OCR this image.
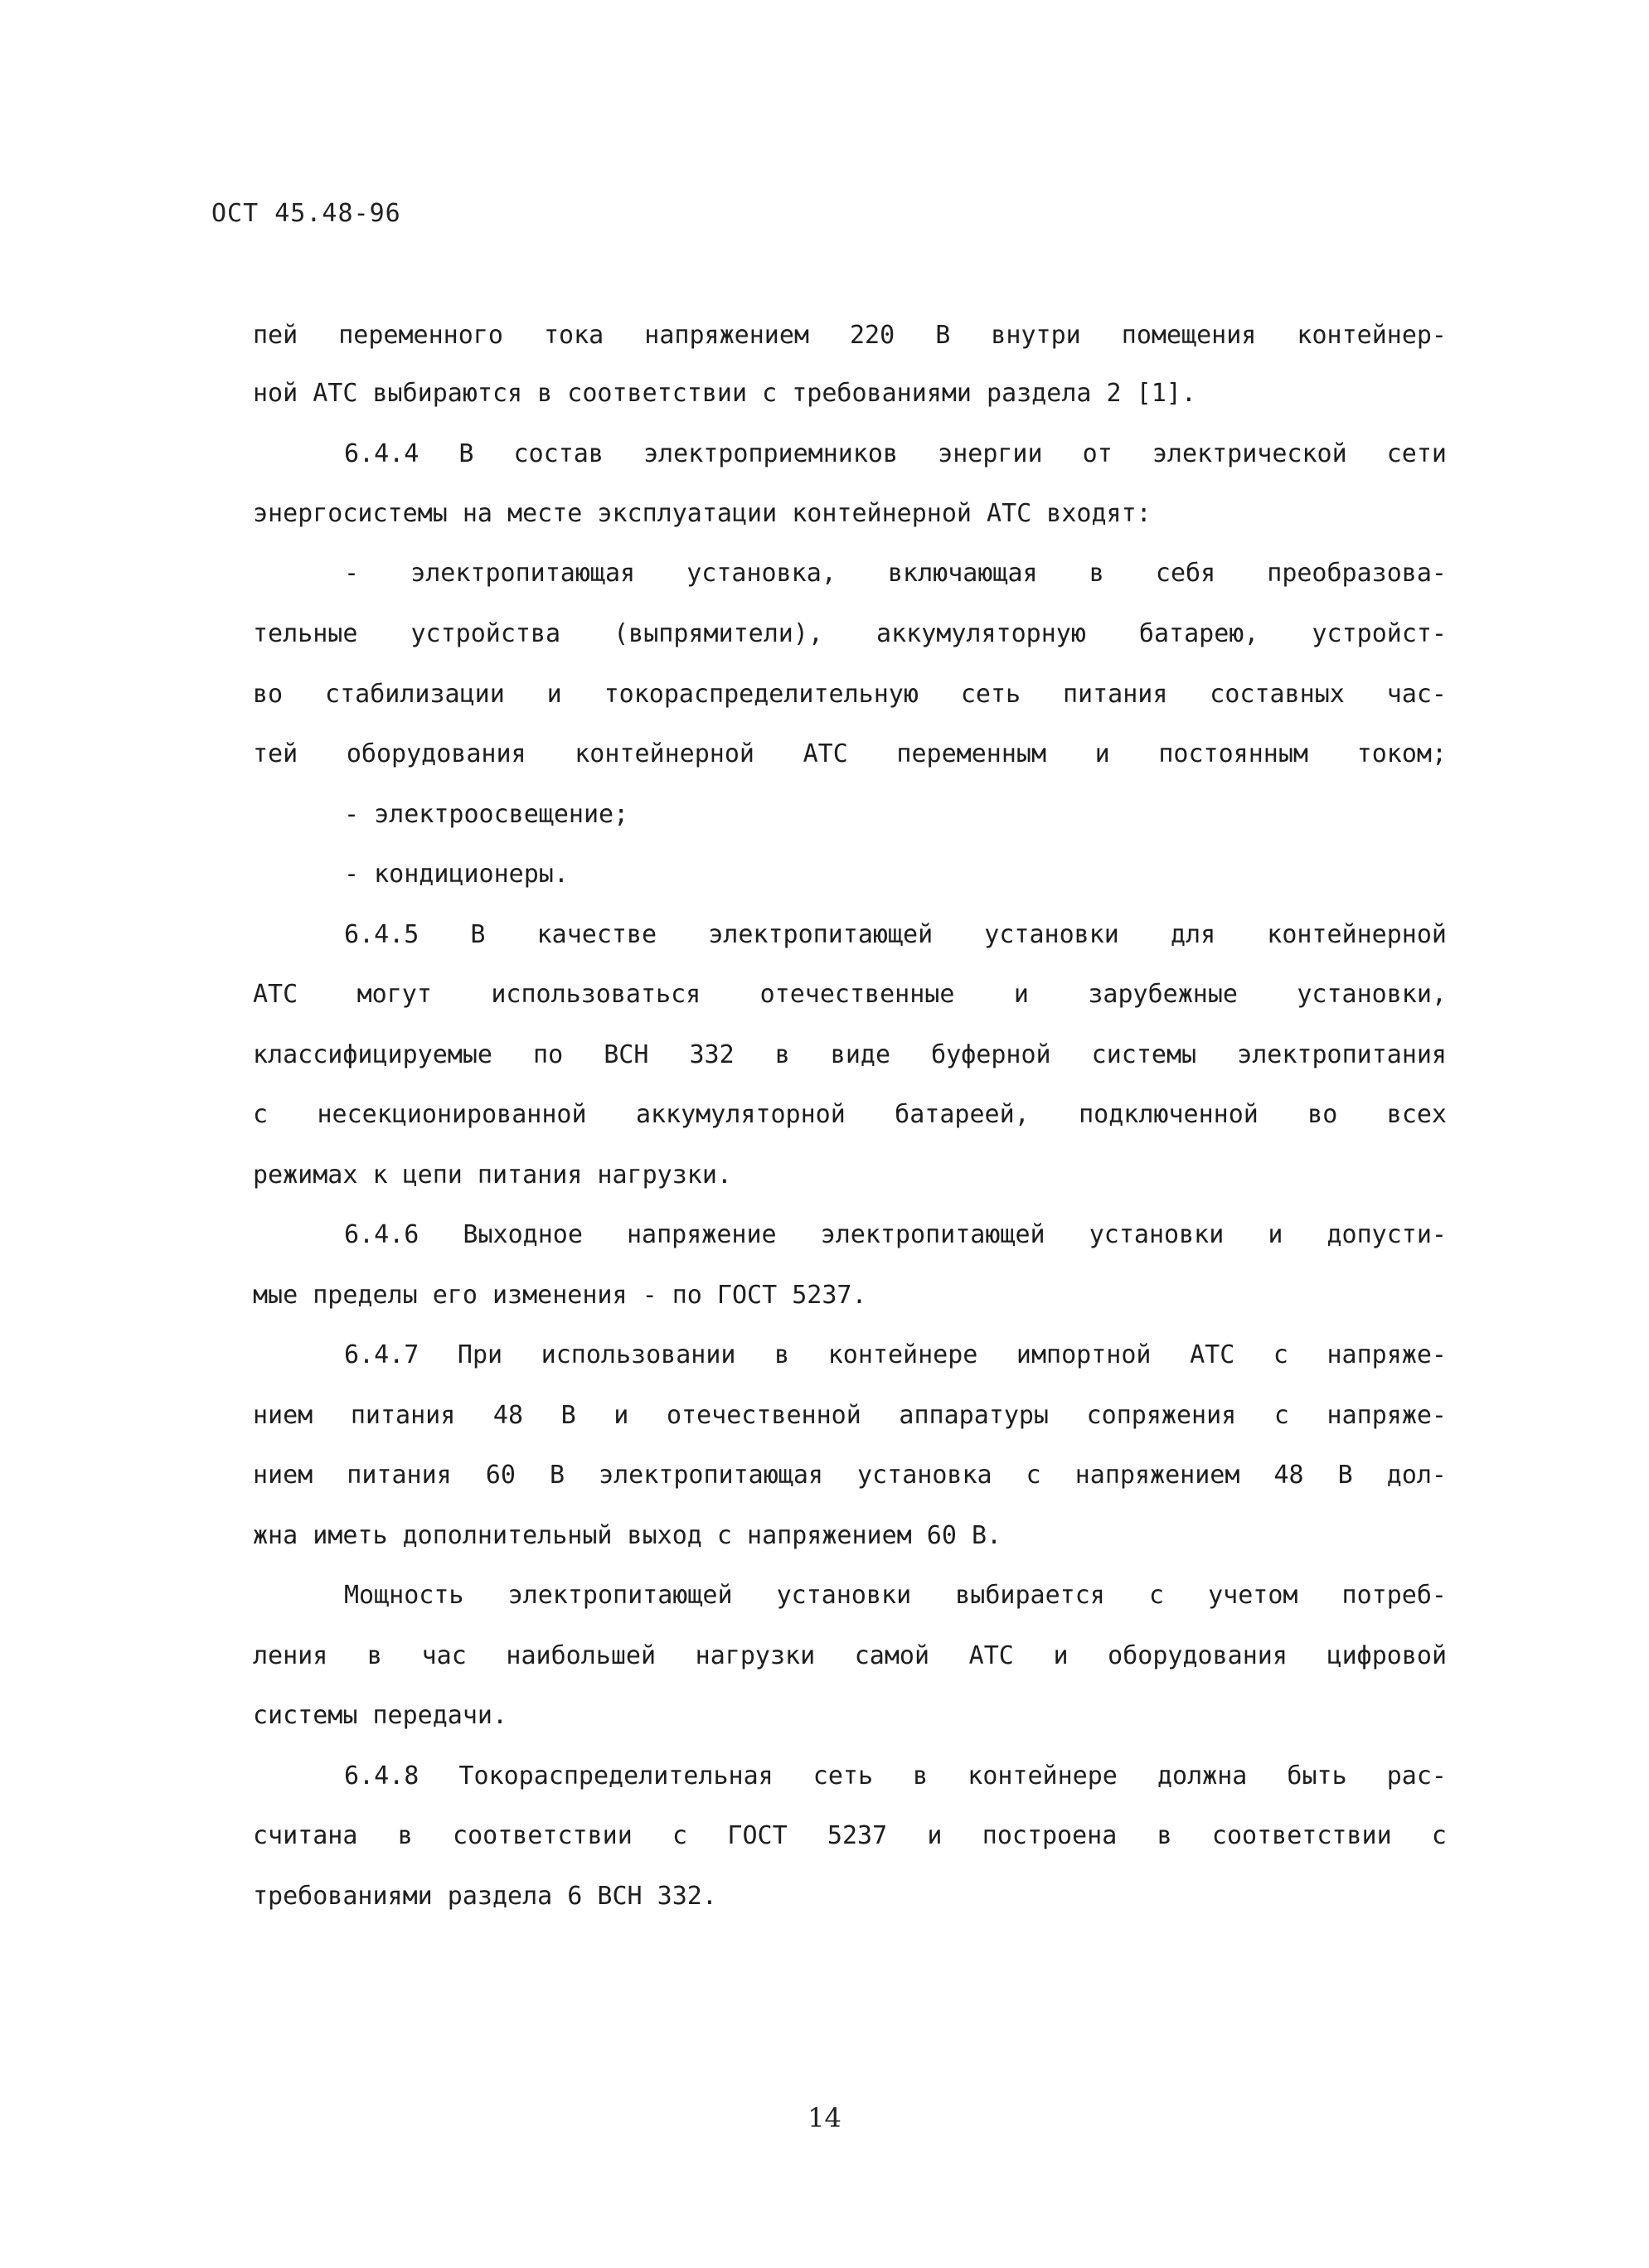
ОСТ 45.48-96
пей переменного тока напряжением 220 В внутри помещения контейнер-
ной АТС выбираются в соответствии с требованиями раздела 2 [1].
6.4.4 В состав электроприемников энергии от электрической сети
энергосистемы на месте эксплуатации контейнерной АТС входят:
- электропитающая установка, включающая в себя преобразова-
тельные устройства (выпрямители), аккумуляторную батарею, устройст-
во стабилизации и токораспределительную сеть питания составных час-
тей оборудования контейнерной АТС переменным и постоянным током;
- электроосвещение;
- кондиционеры.
6.4.5 В качестве электропитающей установки для контейнерной
АТС могут использоваться отечественные и зарубежные установки,
классифицируемые по ВСН 332 в виде буферной системы электропитания
с несекционированной аккумуляторной батареей, подключенной во всех
режимах к цепи питания нагрузки.
6.4.6 Выходное напряжение электропитающей установки и допусти-
мые пределы его изменения - по ГОСТ 5237.
6.4.7 При использовании в контейнере импортной АТС с напряже-
нием питания 48 В и отечественной аппаратуры сопряжения с напряже-
нием питания 60 В электропитающая установка с напряжением 48 В дол-
жна иметь дополнительный выход с напряжением 60 В.
Мощность электропитающей установки выбирается с учетом потреб-
ления в час наибольшей нагрузки самой АТС и оборудования цифровой
системы передачи.
6.4.8 Токораспределительная сеть в контейнере должна быть рас-
считана в соответствии с ГОСТ 5237 и построена в соответствии с
требованиями раздела 6 ВСН 332.
14
